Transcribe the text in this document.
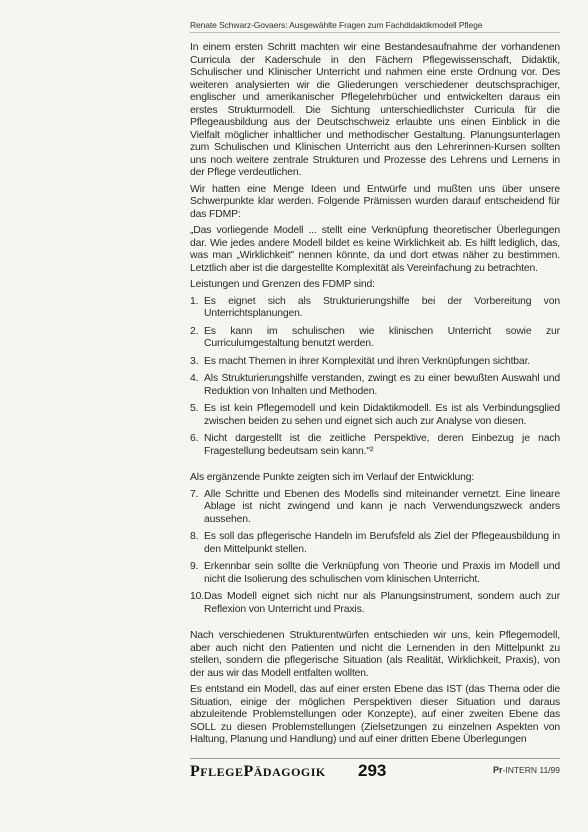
Renate Schwarz-Govaers: Ausgewählte Fragen zum Fachdidaktikmodell Pflege

In einem ersten Schritt machten wir eine Bestandesaufnahme der vorhandenen Curricula der Kaderschule in den Fächern Pflegewissenschaft, Didaktik, Schulischer und Klinischer Unterricht und nahmen eine erste Ordnung vor. Des weiteren analysierten wir die Gliederungen verschiedener deutschsprachiger, englischer und amerikanischer Pflegelehrbücher und entwickelten daraus ein erstes Strukturmodell. Die Sichtung unterschiedlichster Curricula für die Pflegeausbildung aus der Deutschschweiz erlaubte uns einen Einblick in die Vielfalt möglicher inhaltlicher und methodischer Gestaltung. Planungsunterlagen zum Schulischen und Klinischen Unterricht aus den Lehrerinnen-Kursen sollten uns noch weitere zentrale Strukturen und Prozesse des Lehrens und Lernens in der Pflege verdeutlichen.

Wir hatten eine Menge Ideen und Entwürfe und mußten uns über unsere Schwerpunkte klar werden. Folgende Prämissen wurden darauf entscheidend für das FDMP:

„Das vorliegende Modell ... stellt eine Verknüpfung theoretischer Überlegungen dar. Wie jedes andere Modell bildet es keine Wirklichkeit ab. Es hilft lediglich, das, was man „Wirklichkeit" nennen könnte, da und dort etwas näher zu bestimmen. Letztlich aber ist die dargestellte Komplexität als Vereinfachung zu betrachten.

Leistungen und Grenzen des FDMP sind:

1. Es eignet sich als Strukturierungshilfe bei der Vorbereitung von Unterrichtsplanungen.
2. Es kann im schulischen wie klinischen Unterricht sowie zur Curriculumgestaltung benutzt werden.
3. Es macht Themen in ihrer Komplexität und ihren Verknüpfungen sichtbar.
4. Als Strukturierungshilfe verstanden, zwingt es zu einer bewußten Auswahl und Reduktion von Inhalten und Methoden.
5. Es ist kein Pflegemodell und kein Didaktikmodell. Es ist als Verbindungsglied zwischen beiden zu sehen und eignet sich auch zur Analyse von diesen.
6. Nicht dargestellt ist die zeitliche Perspektive, deren Einbezug je nach Fragestellung bedeutsam sein kann."²

Als ergänzende Punkte zeigten sich im Verlauf der Entwicklung:

7. Alle Schritte und Ebenen des Modells sind miteinander vernetzt. Eine lineare Ablage ist nicht zwingend und kann je nach Verwendungszweck anders aussehen.
8. Es soll das pflegerische Handeln im Berufsfeld als Ziel der Pflegeausbildung in den Mittelpunkt stellen.
9. Erkennbar sein sollte die Verknüpfung von Theorie und Praxis im Modell und nicht die Isolierung des schulischen vom klinischen Unterricht.
10. Das Modell eignet sich nicht nur als Planungsinstrument, sondern auch zur Reflexion von Unterricht und Praxis.

Nach verschiedenen Strukturentwürfen entschieden wir uns, kein Pflegemodell, aber auch nicht den Patienten und nicht die Lernenden in den Mittelpunkt zu stellen, sondern die pflegerische Situation (als Realität, Wirklichkeit, Praxis), von der aus wir das Modell entfalten wollten.

Es entstand ein Modell, das auf einer ersten Ebene das IST (das Thema oder die Situation, einige der möglichen Perspektiven dieser Situation und daraus abzuleitende Problemstellungen oder Konzepte), auf einer zweiten Ebene das SOLL zu diesen Problemstellungen (Zielsetzungen zu einzelnen Aspekten von Haltung, Planung und Handlung) und auf einer dritten Ebene Überlegungen

PFLEGEPÄDAGOGIK 293	Pr-INTERN 11/99
